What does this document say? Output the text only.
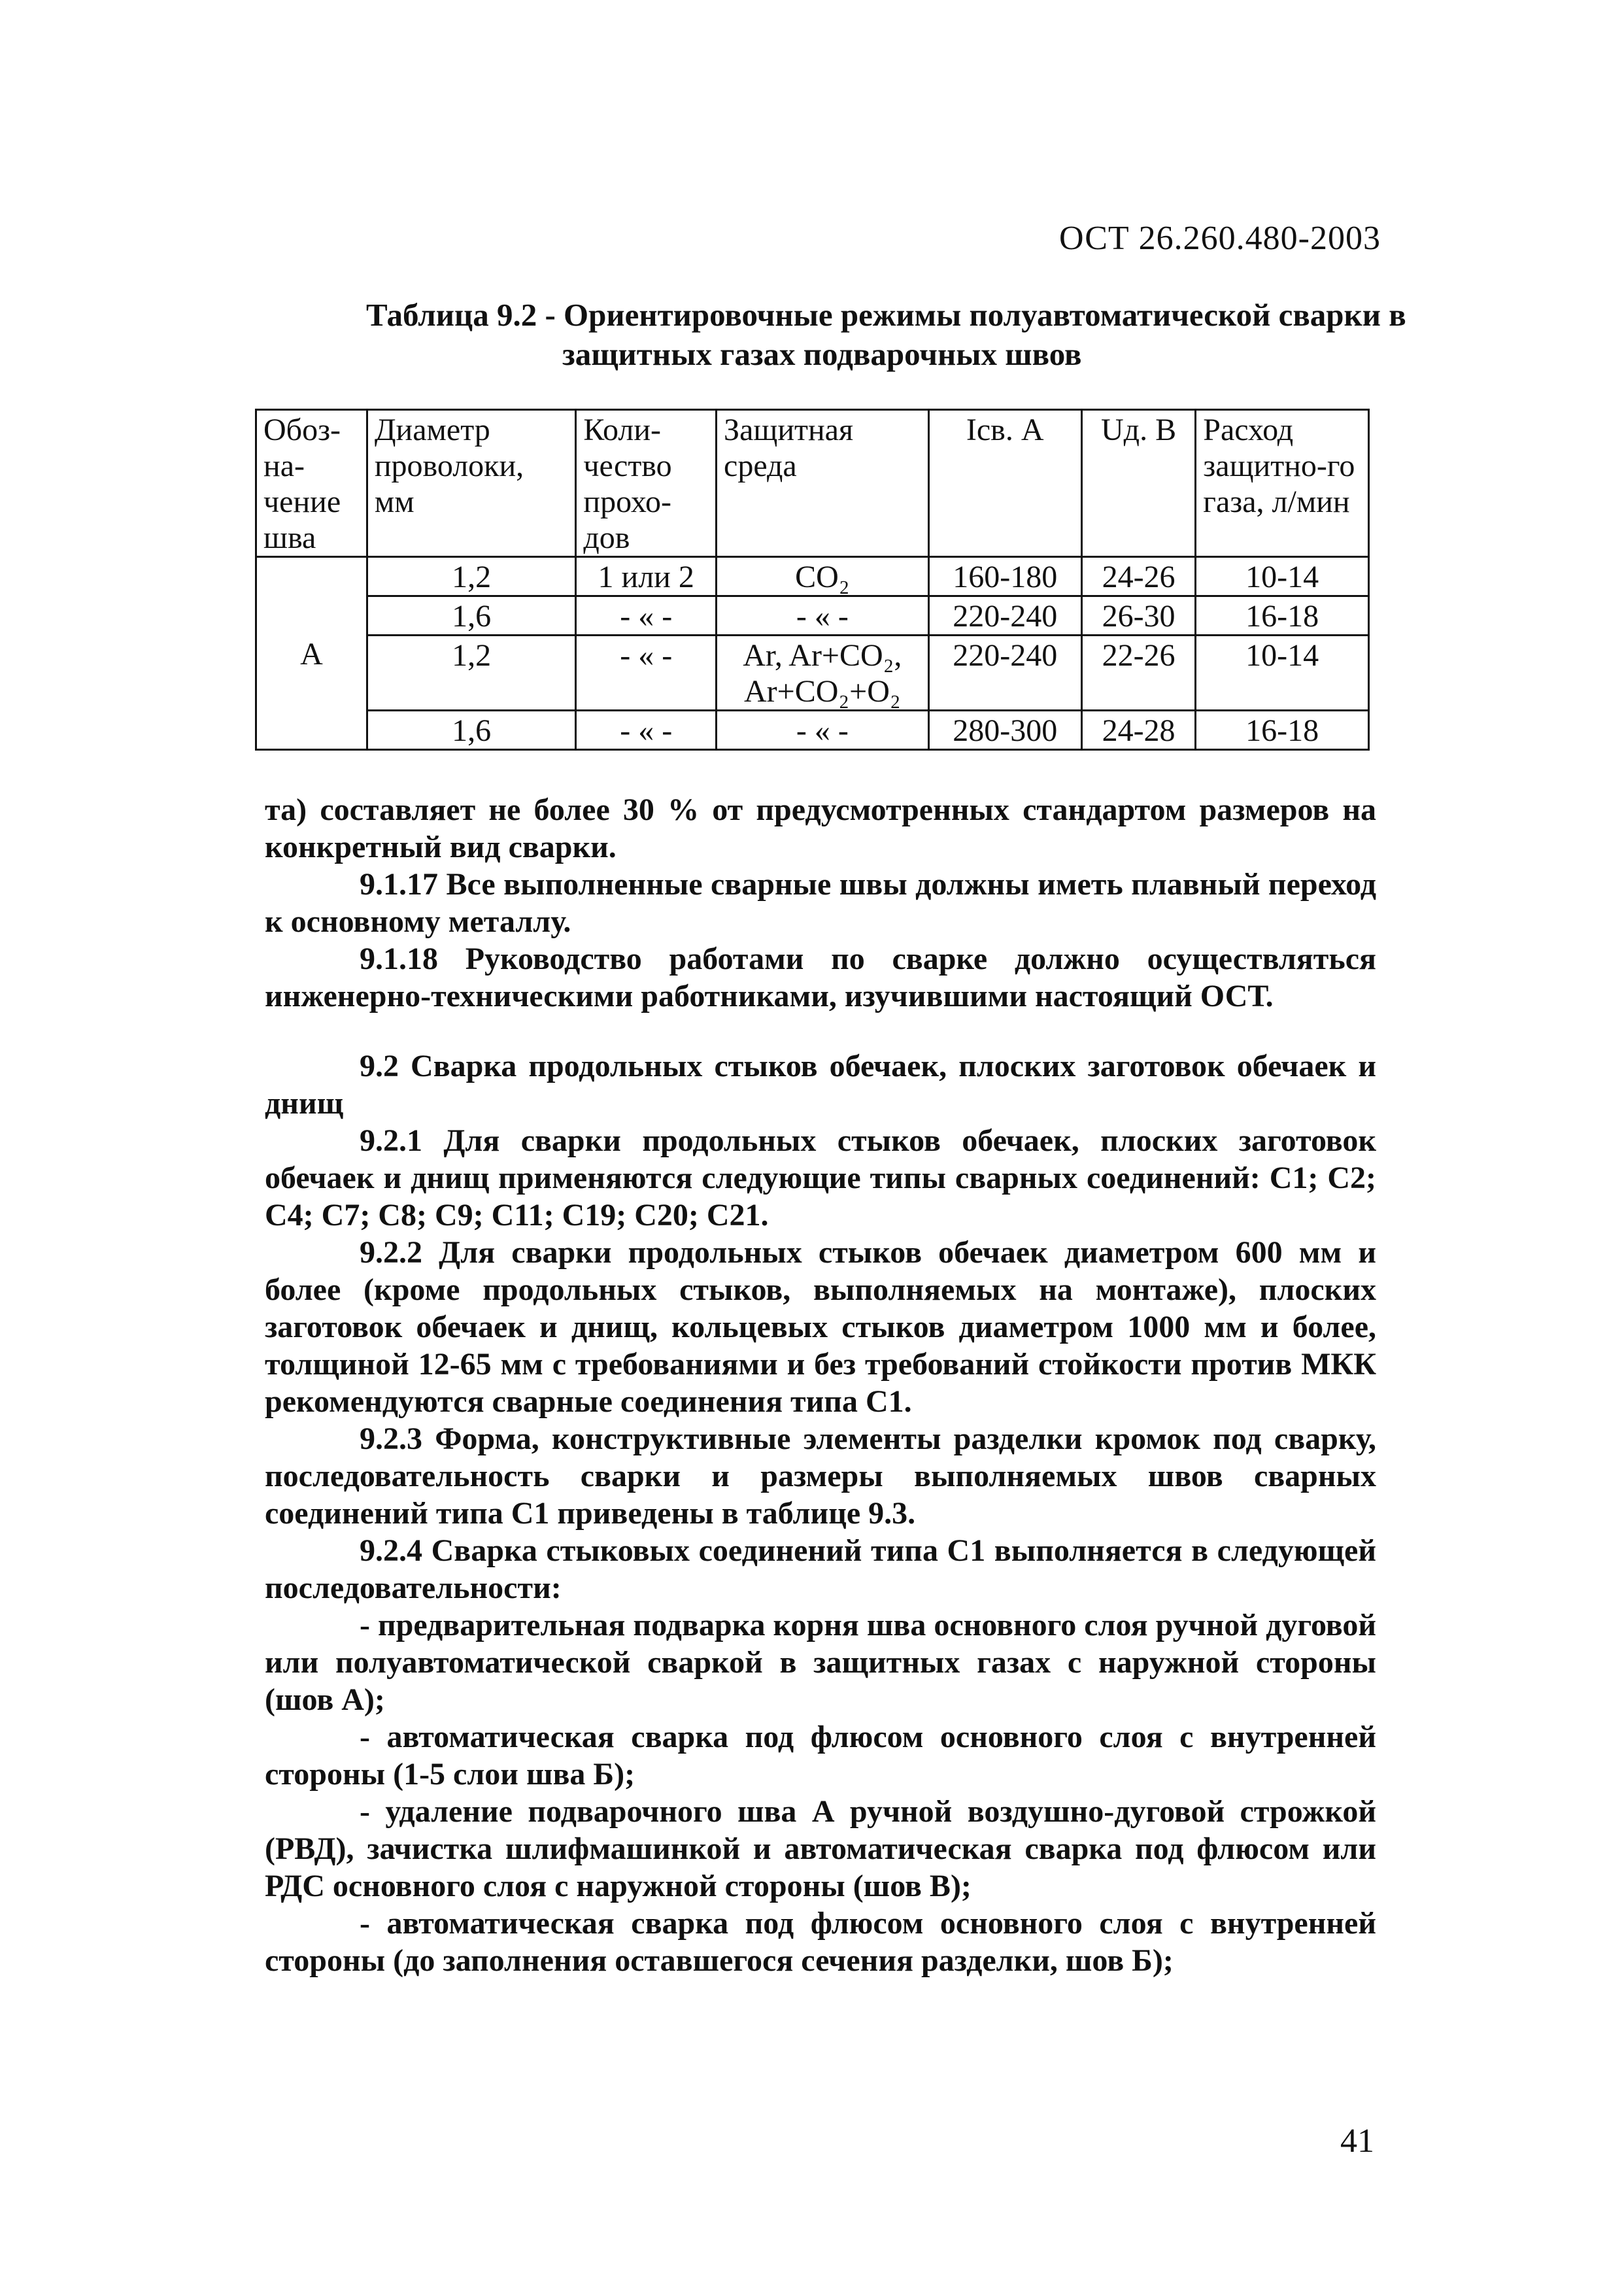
ОСТ 26.260.480-2003
Таблица 9.2 - Ориентировочные режимы полуавтоматической сварки в
защитных газах подварочных швов
Обоз-на-чение шва	Диаметр проволоки, мм	Коли-чество прохо-дов	Защитная среда	Iсв. А	Uд. В	Расход защитно-го газа, л/мин
А	1,2	1 или 2	CO₂	160-180	24-26	10-14
	1,6	- « -	- « -	220-240	26-30	16-18
	1,2	- « -	Ar, Ar+CO₂, Ar+CO₂+O₂	220-240	22-26	10-14
	1,6	- « -	- « -	280-300	24-28	16-18

та) составляет не более 30 % от предусмотренных стандартом размеров на конкретный вид сварки.

9.1.17 Все выполненные сварные швы должны иметь плавный переход к основному металлу.

9.1.18 Руководство работами по сварке должно осуществляться инженерно-техническими работниками, изучившими настоящий ОСТ.

9.2 Сварка продольных стыков обечаек, плоских заготовок обечаек и днищ

9.2.1 Для сварки продольных стыков обечаек, плоских заготовок обечаек и днищ применяются следующие типы сварных соединений: С1; С2; С4; С7; С8; С9; С11; С19; С20; С21.

9.2.2 Для сварки продольных стыков обечаек диаметром 600 мм и более (кроме продольных стыков, выполняемых на монтаже), плоских заготовок обечаек и днищ, кольцевых стыков диаметром 1000 мм и более, толщиной 12-65 мм с требованиями и без требований стойкости против МКК рекомендуются сварные соединения типа С1.

9.2.3 Форма, конструктивные элементы разделки кромок под сварку, последовательность сварки и размеры выполняемых швов сварных соединений типа С1 приведены в таблице 9.3.

9.2.4 Сварка стыковых соединений типа С1 выполняется в следующей последовательности:

- предварительная подварка корня шва основного слоя ручной дуговой или полуавтоматической сваркой в защитных газах с наружной стороны (шов А);

- автоматическая сварка под флюсом основного слоя с внутренней стороны (1-5 слои шва Б);

- удаление подварочного шва А ручной воздушно-дуговой строжкой (РВД), зачистка шлифмашинкой и автоматическая сварка под флюсом или РДС основного слоя с наружной стороны (шов В);

- автоматическая сварка под флюсом основного слоя с внутренней стороны (до заполнения оставшегося сечения разделки, шов Б);

41
